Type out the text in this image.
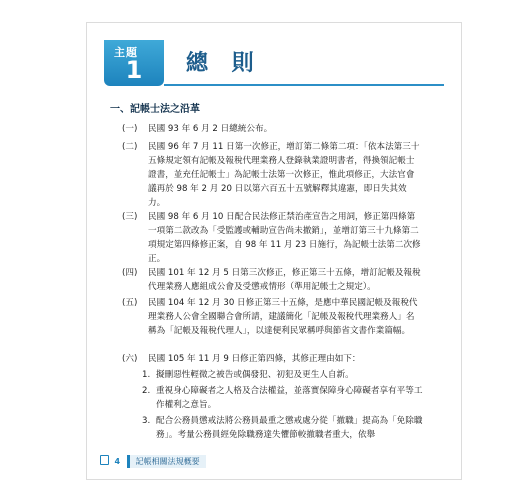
主題
1	總 則
一、記帳士法之沿革
(一) 民國 93 年 6 月 2 日總統公布。
(二) 民國 96 年 7 月 11 日第一次修正，增訂第二條第二項：「依本法第三十五條規定領有記帳及報稅代理業務人登錄執業證明書者，得換領記帳士證書，並充任記帳士」為記帳士法第一次修正，惟此項修正，大法官會議再於 98 年 2 月 20 日以第六百五十五號解釋其違憲，即日失其效力。
(三) 民國 98 年 6 月 10 日配合民法修正禁治產宣告之用詞，修正第四條第一項第二款改為「受監護或輔助宣告尚未撤銷」，並增訂第三十九條第二項規定第四條修正案，自 98 年 11 月 23 日施行，為記帳士法第二次修正。
(四) 民國 101 年 12 月 5 日第三次修正，修正第三十五條，增訂記帳及報稅代理業務人應組成公會及受懲戒情形（準用記帳士之規定）。
(五) 民國 104 年 12 月 30 日修正第三十五條，是應中華民國記帳及報稅代理業務人公會全國聯合會所請，建議簡化「記帳及報稅代理業務人」名稱為「記帳及報稅代理人」，以達便利民眾稱呼與節省文書作業篇幅。
(六) 民國 105 年 11 月 9 日修正第四條，其修正理由如下：
1. 擬刪惡性輕微之被告或偶發犯、初犯及更生人自新。
2. 重視身心障礙者之人格及合法權益，並落實保障身心障礙者享有平等工作權利之意旨。
3. 配合公務員懲戒法將公務員最重之懲戒處分從「撤職」提高為「免除職務」。考量公務員經免除職務達失懼節較撤職者重大，依舉
4 記帳相關法規概要
